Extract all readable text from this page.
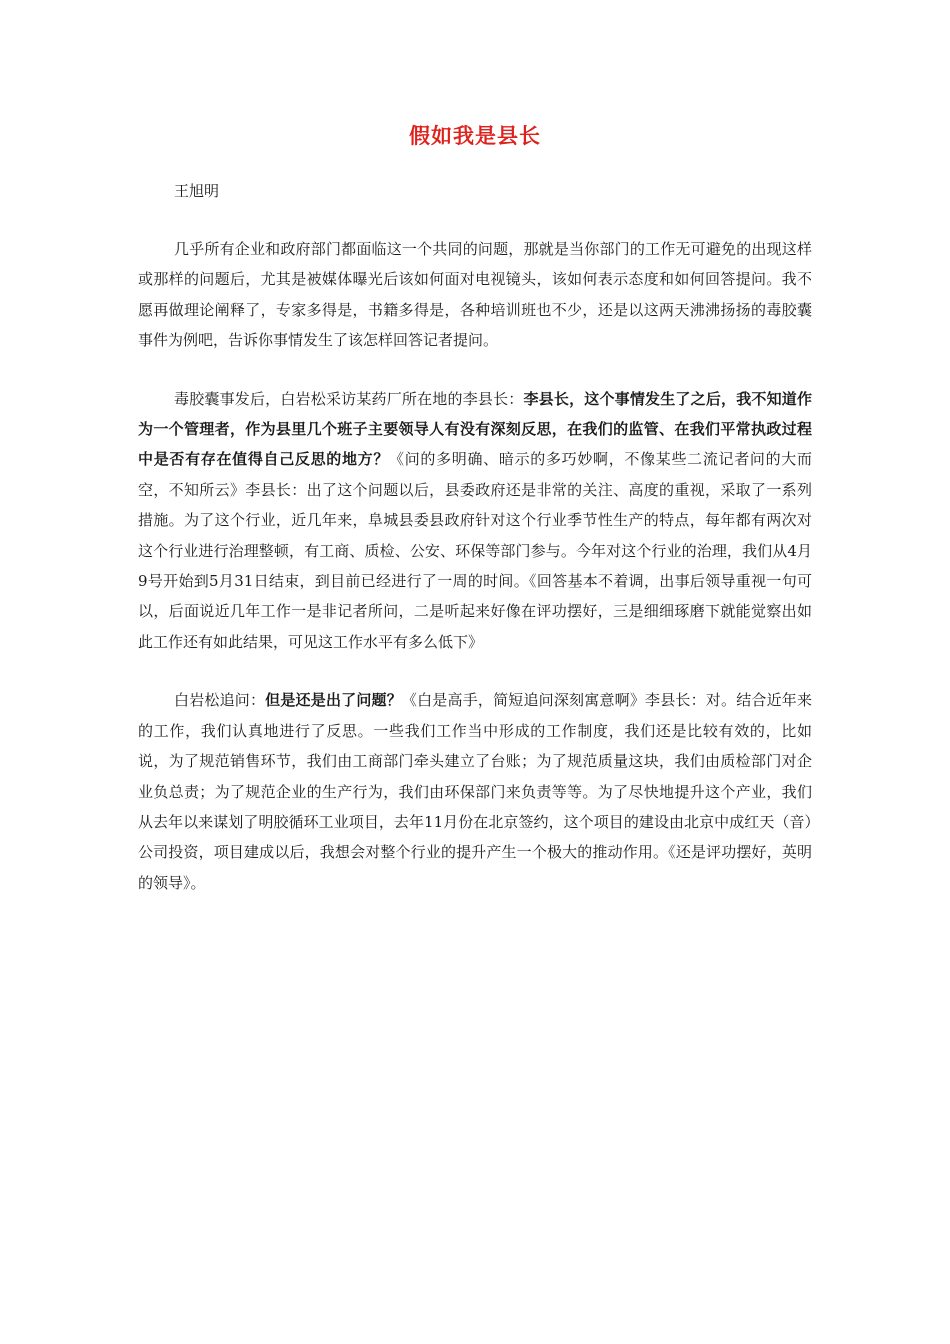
假如我是县长
王旭明

几乎所有企业和政府部门都面临这一个共同的问题，那就是当你部门的工作无可避免的出现这样或那样的问题后，尤其是被媒体曝光后该如何面对电视镜头，该如何表示态度和如何回答提问。我不愿再做理论阐释了，专家多得是，书籍多得是，各种培训班也不少，还是以这两天沸沸扬扬的毒胶囊事件为例吧，告诉你事情发生了该怎样回答记者提问。

毒胶囊事发后，白岩松采访某药厂所在地的李县长：李县长，这个事情发生了之后，我不知道作为一个管理者，作为县里几个班子主要领导人有没有深刻反思，在我们的监管、在我们平常执政过程中是否有存在值得自己反思的地方？《问的多明确、暗示的多巧妙啊，不像某些二流记者问的大而空，不知所云》李县长：出了这个问题以后，县委政府还是非常的关注、高度的重视，采取了一系列措施。为了这个行业，近几年来，阜城县委县政府针对这个行业季节性生产的特点，每年都有两次对这个行业进行治理整顿，有工商、质检、公安、环保等部门参与。今年对这个行业的治理，我们从4月9号开始到5月31日结束，到目前已经进行了一周的时间。《回答基本不着调，出事后领导重视一句可以，后面说近几年工作一是非记者所问，二是听起来好像在评功摆好，三是细细琢磨下就能觉察出如此工作还有如此结果，可见这工作水平有多么低下》

白岩松追问：但是还是出了问题？《白是高手，简短追问深刻寓意啊》李县长：对。结合近年来的工作，我们认真地进行了反思。一些我们工作当中形成的工作制度，我们还是比较有效的，比如说，为了规范销售环节，我们由工商部门牵头建立了台账；为了规范质量这块，我们由质检部门对企业负总责；为了规范企业的生产行为，我们由环保部门来负责等等。为了尽快地提升这个产业，我们从去年以来谋划了明胶循环工业项目，去年11月份在北京签约，这个项目的建设由北京中成红天（音）公司投资，项目建成以后，我想会对整个行业的提升产生一个极大的推动作用。《还是评功摆好，英明的领导》。
